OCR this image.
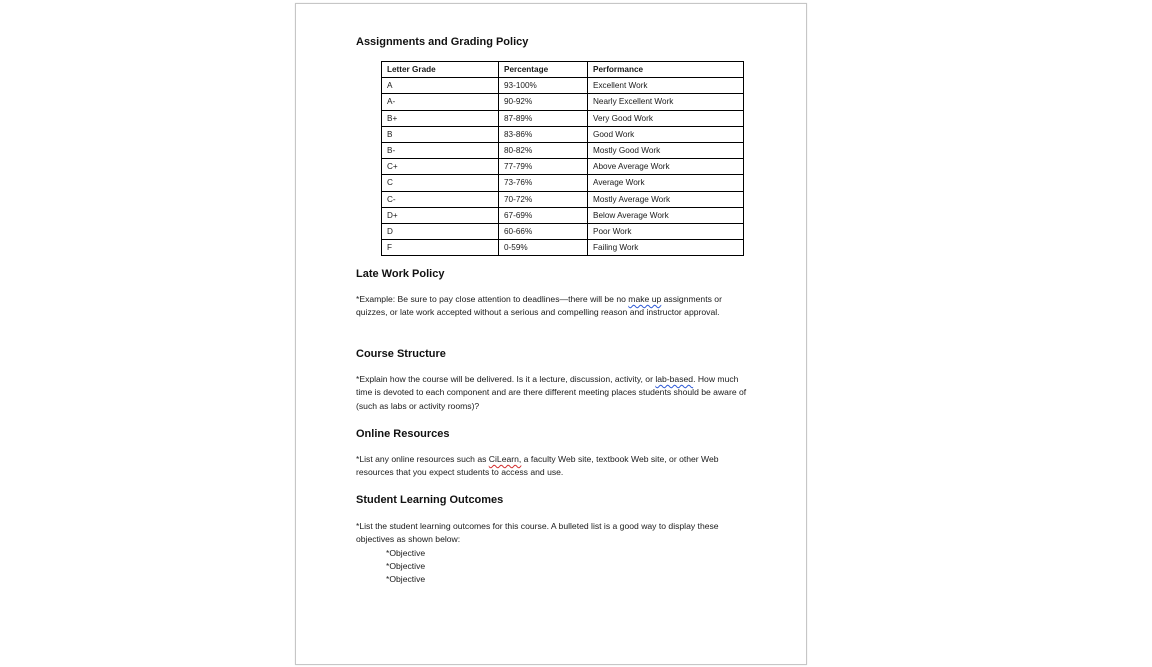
Assignments and Grading Policy
Letter Grade	Percentage	Performance
A	93-100%	Excellent Work
A-	90-92%	Nearly Excellent Work
B+	87-89%	Very Good Work
B	83-86%	Good Work
B-	80-82%	Mostly Good Work
C+	77-79%	Above Average Work
C	73-76%	Average Work
C-	70-72%	Mostly Average Work
D+	67-69%	Below Average Work
D	60-66%	Poor Work
F	0-59%	Failing Work
Late Work Policy

*Example: Be sure to pay close attention to deadlines—there will be no make up assignments or quizzes, or late work accepted without a serious and compelling reason and instructor approval.

Course Structure

*Explain how the course will be delivered. Is it a lecture, discussion, activity, or lab-based. How much time is devoted to each component and are there different meeting places students should be aware of (such as labs or activity rooms)?

Online Resources

*List any online resources such as CiLearn, a faculty Web site, textbook Web site, or other Web resources that you expect students to access and use.

Student Learning Outcomes

*List the student learning outcomes for this course. A bulleted list is a good way to display these objectives as shown below:

*Objective
*Objective
*Objective
